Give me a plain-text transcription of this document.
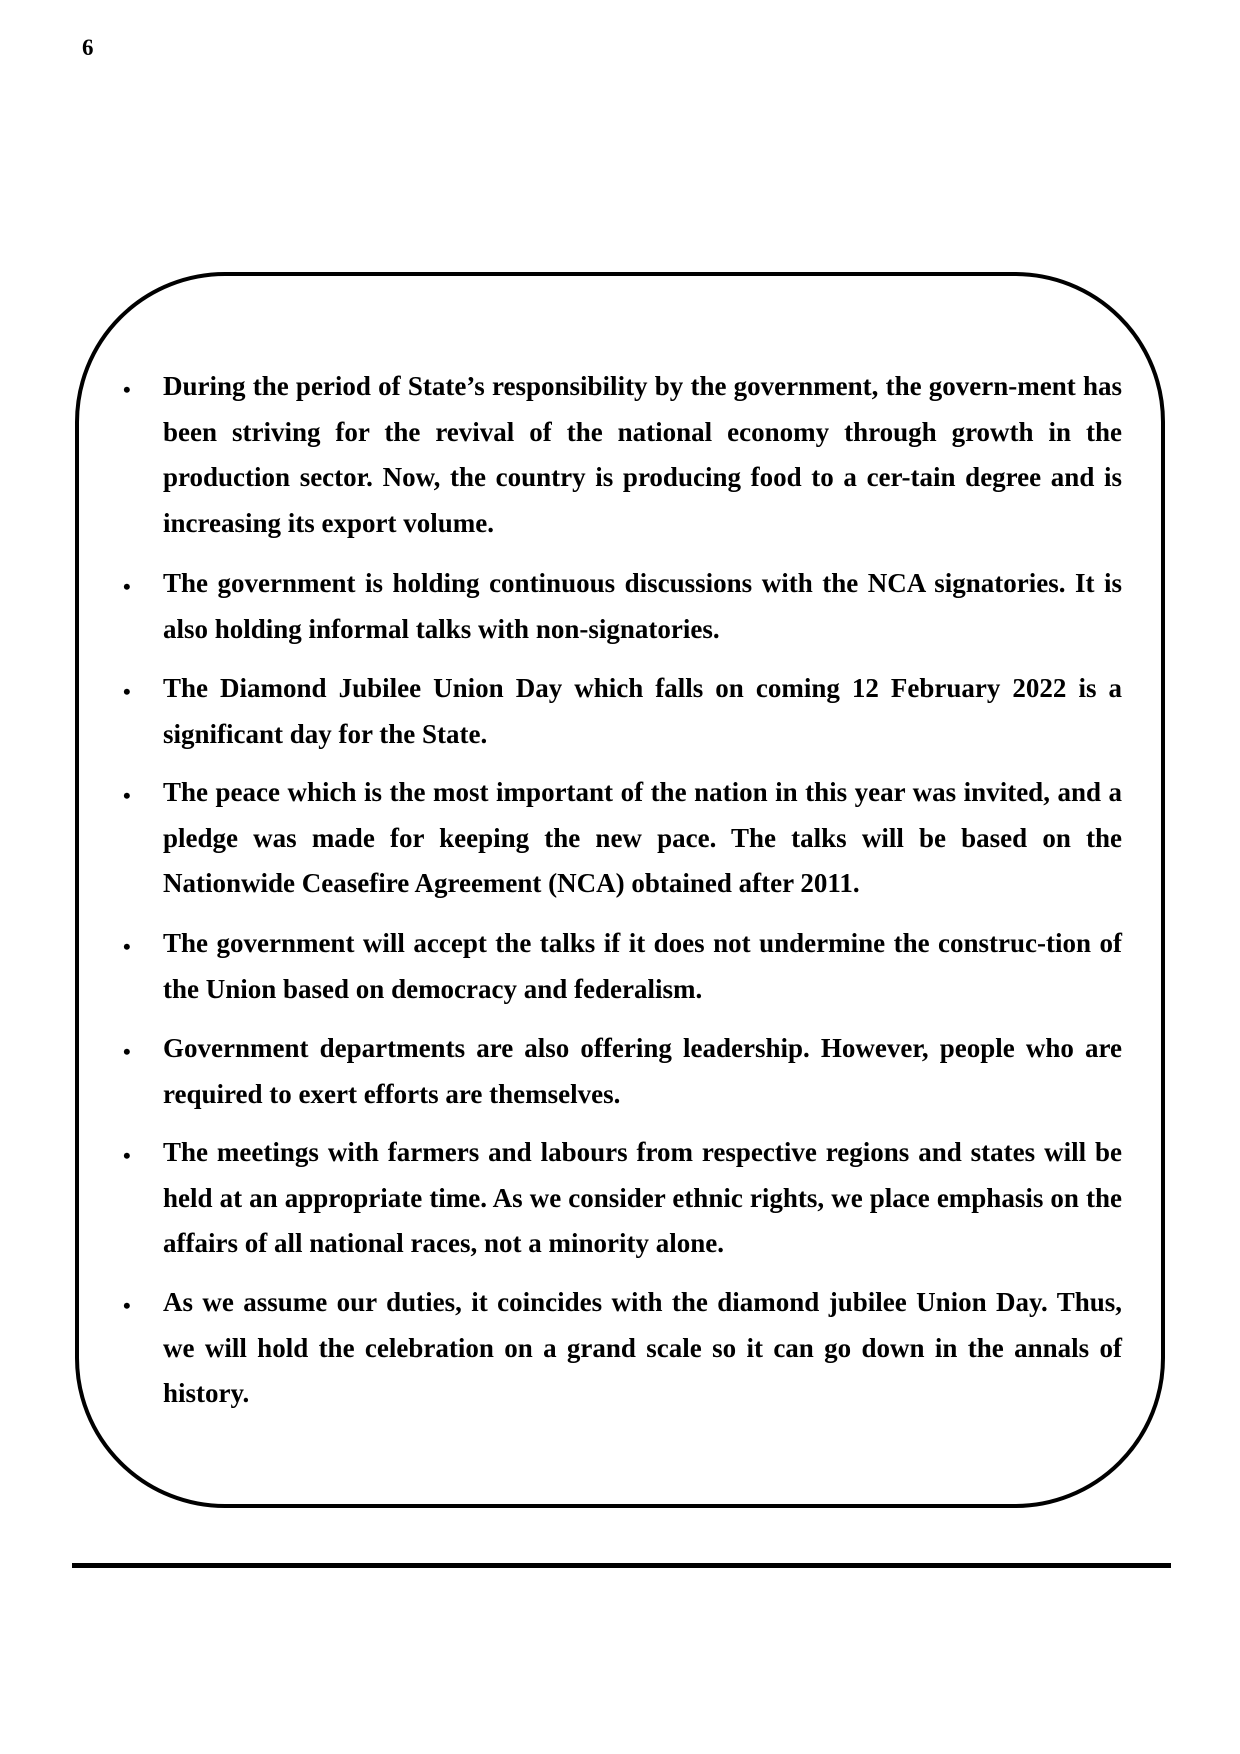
6
•	During the period of State’s responsibility by the government, the govern-ment has been striving for the revival of the national economy through growth in the production sector. Now, the country is producing food to a cer-tain degree and is increasing its export volume.

•	The government is holding continuous discussions with the NCA signatories. It is also holding informal talks with non-signatories.

•	The Diamond Jubilee Union Day which falls on coming 12 February 2022 is a significant day for the State.

•	The peace which is the most important of the nation in this year was invited, and a pledge was made for keeping the new pace. The talks will be based on the Nationwide Ceasefire Agreement (NCA) obtained after 2011.

•	The government will accept the talks if it does not undermine the construc-tion of the Union based on democracy and federalism.

•	Government departments are also offering leadership. However, people who are required to exert efforts are themselves.

•	The meetings with farmers and labours from respective regions and states will be held at an appropriate time. As we consider ethnic rights, we place emphasis on the affairs of all national races, not a minority alone.

•	As we assume our duties, it coincides with the diamond jubilee Union Day. Thus, we will hold the celebration on a grand scale so it can go down in the annals of history.
